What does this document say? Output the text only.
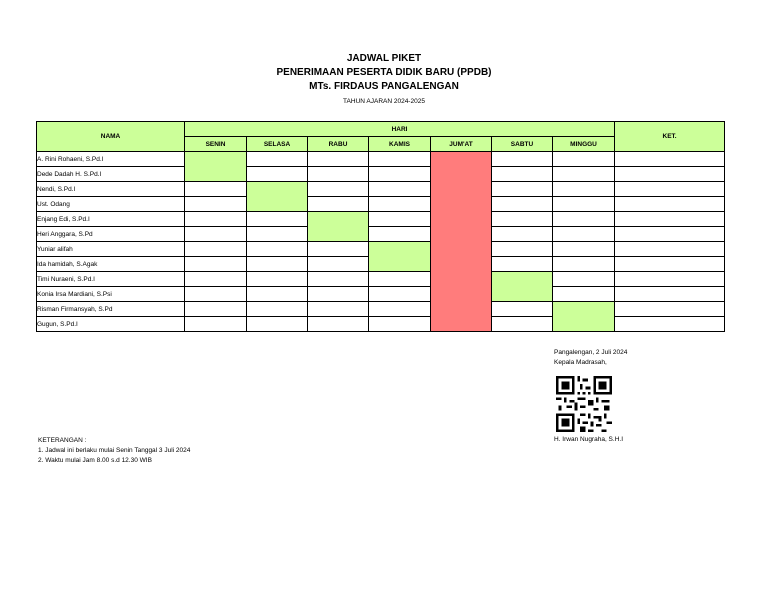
JADWAL PIKET
PENERIMAAN PESERTA DIDIK BARU (PPDB)
MTs. FIRDAUS PANGALENGAN
TAHUN AJARAN 2024-2025
NAMA	HARI							KET.
	SENIN	SELASA	RABU	KAMIS	JUM'AT	SABTU	MINGGU	
A. Rini Rohaeni, S.Pd.I								
Dede Dadah H. S.Pd.I								
Nendi, S.Pd.I								
Ust. Odang								
Enjang Edi, S.Pd.I								
Heri Anggara, S.Pd								
Yuniar alifah								
Ida hamidah, S.Agak								
Timi Nuraeni, S.Pd.I								
Konia Irsa Mardiani, S.Psi								
Risman Firmansyah, S.Pd								
Gugun, S.Pd.I								
Pangalengan, 2 Juli 2024
Kepala Madrasah,
H. Irwan Nugraha, S.H.I
KETERANGAN :
1. Jadwal ini berlaku mulai Senin Tanggal 3 Juli 2024
2. Waktu mulai Jam 8.00 s.d 12.30 WIB
